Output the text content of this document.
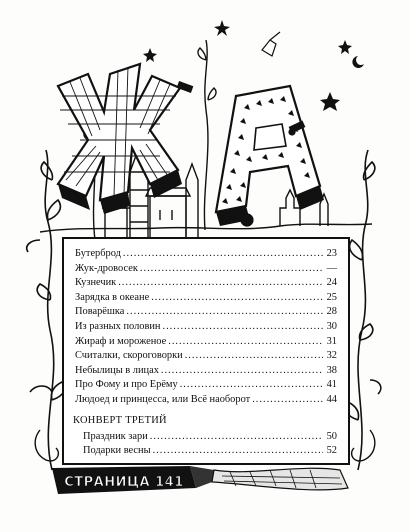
А
Бутерброд .....	23
Жук-дровосек .....	—
Кузнечик .....	24
Зарядка в океане .....	25
Поварёшка .....	28
Из разных половин .....	30
Жираф и мороженое .....	31
Считалки, скороговорки .....	32
Небылицы в лицах .....	38
Про Фому и про Ерёму .....	41
Людоед и принцесса, или Всё наоборот .....	44
КОНВЕРТ ТРЕТИЙ
Праздник зари .....	50
Подарки весны .....	52
СТРАНИЦА 141
